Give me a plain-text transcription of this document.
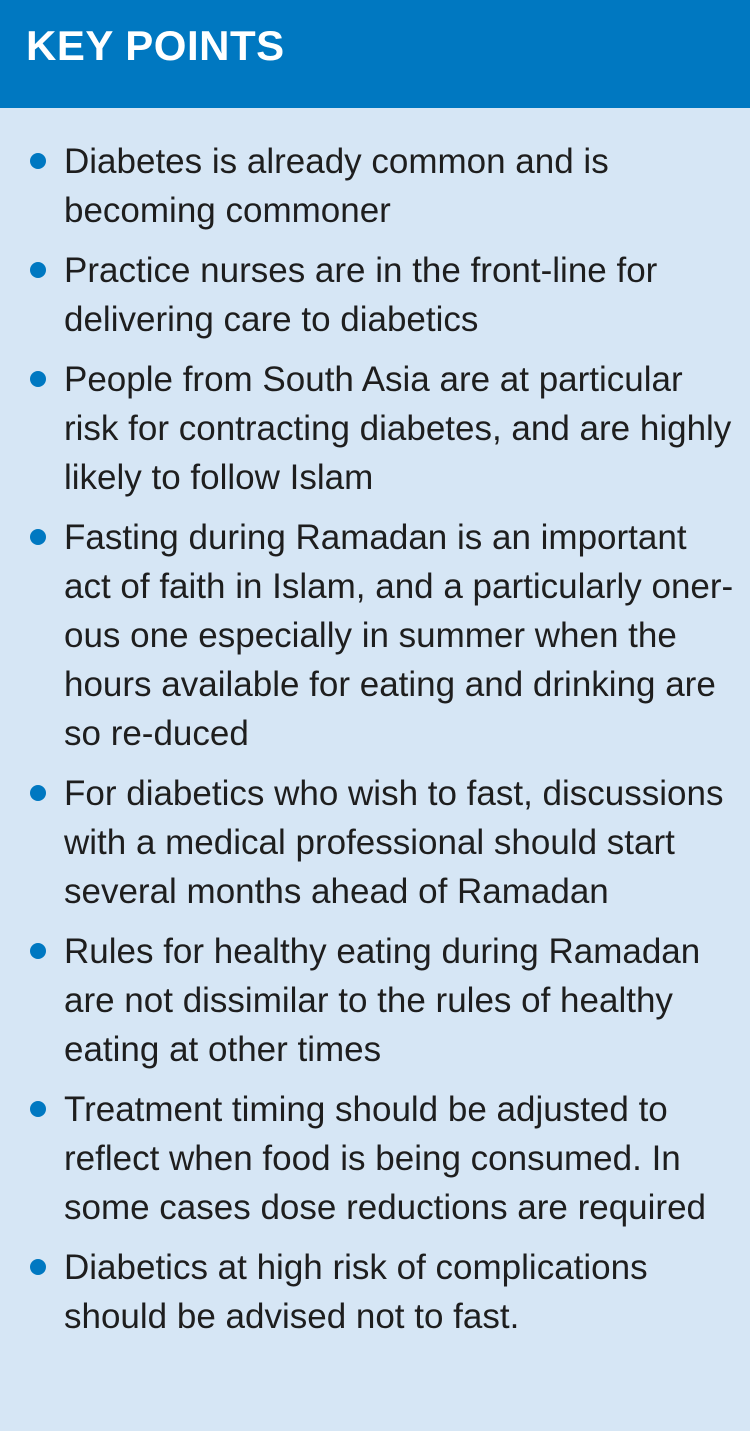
KEY POINTS
Diabetes is already common and is becoming commoner
Practice nurses are in the front-line for delivering care to diabetics
People from South Asia are at particular risk for contracting diabetes, and are highly likely to follow Islam
Fasting during Ramadan is an important act of faith in Islam, and a particularly oner-ous one especially in summer when the hours available for eating and drinking are so re-duced
For diabetics who wish to fast, discussions with a medical professional should start several months ahead of Ramadan
Rules for healthy eating during Ramadan are not dissimilar to the rules of healthy eating at other times
Treatment timing should be adjusted to reflect when food is being consumed. In some cases dose reductions are required
Diabetics at high risk of complications should be advised not to fast.
